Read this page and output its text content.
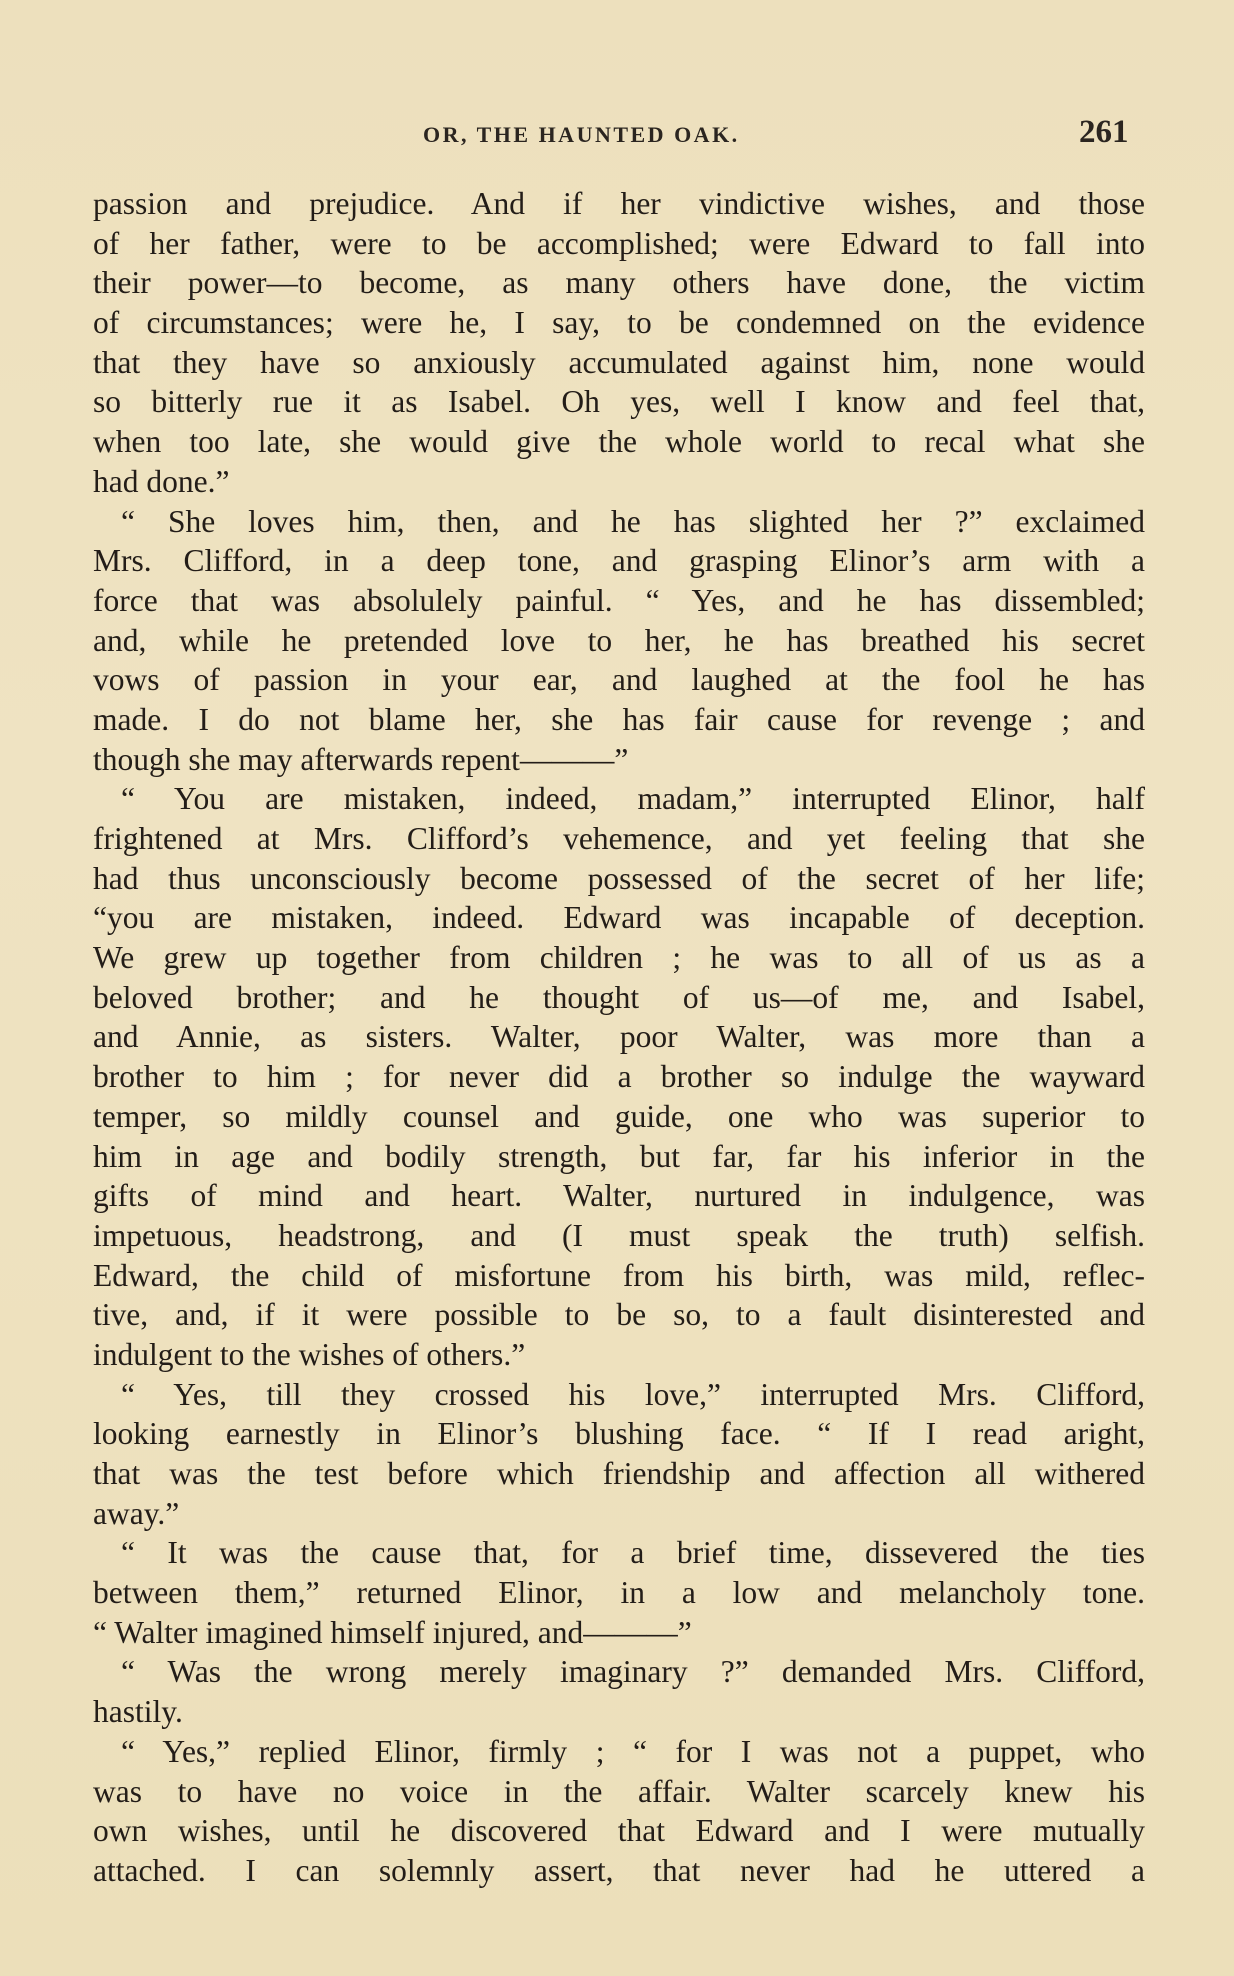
OR, THE HAUNTED OAK.	261
passion and prejudice. And if her vindictive wishes, and those
of her father, were to be accomplished; were Edward to fall into
their power—to become, as many others have done, the victim
of circumstances; were he, I say, to be condemned on the evidence
that they have so anxiously accumulated against him, none would
so bitterly rue it as Isabel. Oh yes, well I know and feel that,
when too late, she would give the whole world to recal what she
had done.”
“ She loves him, then, and he has slighted her ?” exclaimed
Mrs. Clifford, in a deep tone, and grasping Elinor’s arm with a
force that was absolulely painful. “ Yes, and he has dissembled;
and, while he pretended love to her, he has breathed his secret
vows of passion in your ear, and laughed at the fool he has
made. I do not blame her, she has fair cause for revenge ; and
though she may afterwards repent———”
“ You are mistaken, indeed, madam,” interrupted Elinor, half
frightened at Mrs. Clifford’s vehemence, and yet feeling that she
had thus unconsciously become possessed of the secret of her life;
“you are mistaken, indeed. Edward was incapable of deception.
We grew up together from children ; he was to all of us as a
beloved brother; and he thought of us—of me, and Isabel,
and Annie, as sisters. Walter, poor Walter, was more than a
brother to him ; for never did a brother so indulge the wayward
temper, so mildly counsel and guide, one who was superior to
him in age and bodily strength, but far, far his inferior in the
gifts of mind and heart. Walter, nurtured in indulgence, was
impetuous, headstrong, and (I must speak the truth) selfish.
Edward, the child of misfortune from his birth, was mild, reflec-
tive, and, if it were possible to be so, to a fault disinterested and
indulgent to the wishes of others.”
“ Yes, till they crossed his love,” interrupted Mrs. Clifford,
looking earnestly in Elinor’s blushing face. “ If I read aright,
that was the test before which friendship and affection all withered
away.”
“ It was the cause that, for a brief time, dissevered the ties
between them,” returned Elinor, in a low and melancholy tone.
“ Walter imagined himself injured, and———”
“ Was the wrong merely imaginary ?” demanded Mrs. Clifford,
hastily.
“ Yes,” replied Elinor, firmly ; “ for I was not a puppet, who
was to have no voice in the affair. Walter scarcely knew his
own wishes, until he discovered that Edward and I were mutually
attached. I can solemnly assert, that never had he uttered a
